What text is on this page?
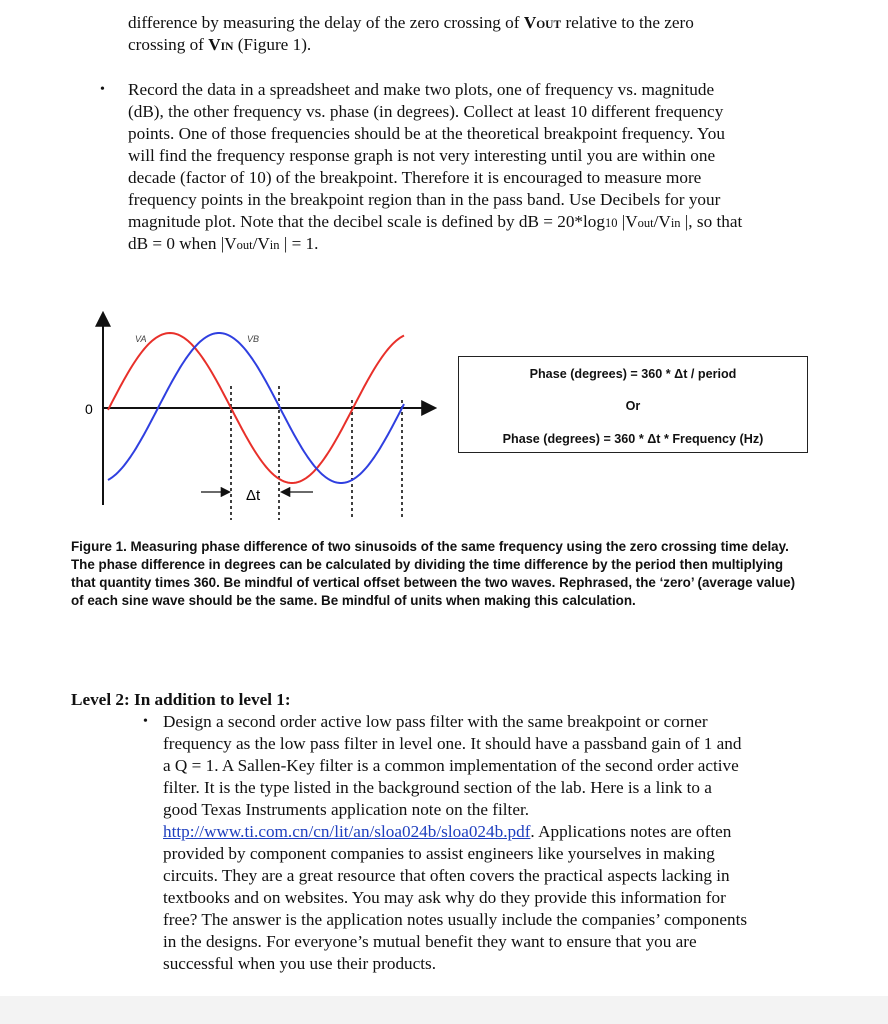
difference by measuring the delay of the zero crossing of VOUT relative to the zero

crossing of VIN (Figure 1).

• Record the data in a spreadsheet and make two plots, one of frequency vs. magnitude

(dB), the other frequency vs. phase (in degrees). Collect at least 10 different frequency

points. One of those frequencies should be at the theoretical breakpoint frequency. You

will find the frequency response graph is not very interesting until you are within one

decade (factor of 10) of the breakpoint. Therefore it is encouraged to measure more

frequency points in the breakpoint region than in the pass band. Use Decibels for your

magnitude plot. Note that the decibel scale is defined by dB = 20*log10 |Vout/Vin |, so that

dB = 0 when |Vout/Vin | = 1.

Δt
0
VA	VB
Phase (degrees) = 360 * Δt / period
Or
Phase (degrees) = 360 * Δt * Frequency (Hz)

Figure 1. Measuring phase difference of two sinusoids of the same frequency using the zero crossing time delay. The phase difference in degrees can be calculated by dividing the time difference by the period then multiplying that quantity times 360. Be mindful of vertical offset between the two waves. Rephrased, the ‘zero’ (average value) of each sine wave should be the same. Be mindful of units when making this calculation.

Level 2: In addition to level 1:

• Design a second order active low pass filter with the same breakpoint or corner

frequency as the low pass filter in level one. It should have a passband gain of 1 and

a Q = 1. A Sallen-Key filter is a common implementation of the second order active

filter. It is the type listed in the background section of the lab. Here is a link to a

good Texas Instruments application note on the filter.

http://www.ti.com.cn/cn/lit/an/sloa024b/sloa024b.pdf. Applications notes are often

provided by component companies to assist engineers like yourselves in making

circuits. They are a great resource that often covers the practical aspects lacking in

textbooks and on websites. You may ask why do they provide this information for

free? The answer is the application notes usually include the companies’ components

in the designs. For everyone’s mutual benefit they want to ensure that you are

successful when you use their products.
